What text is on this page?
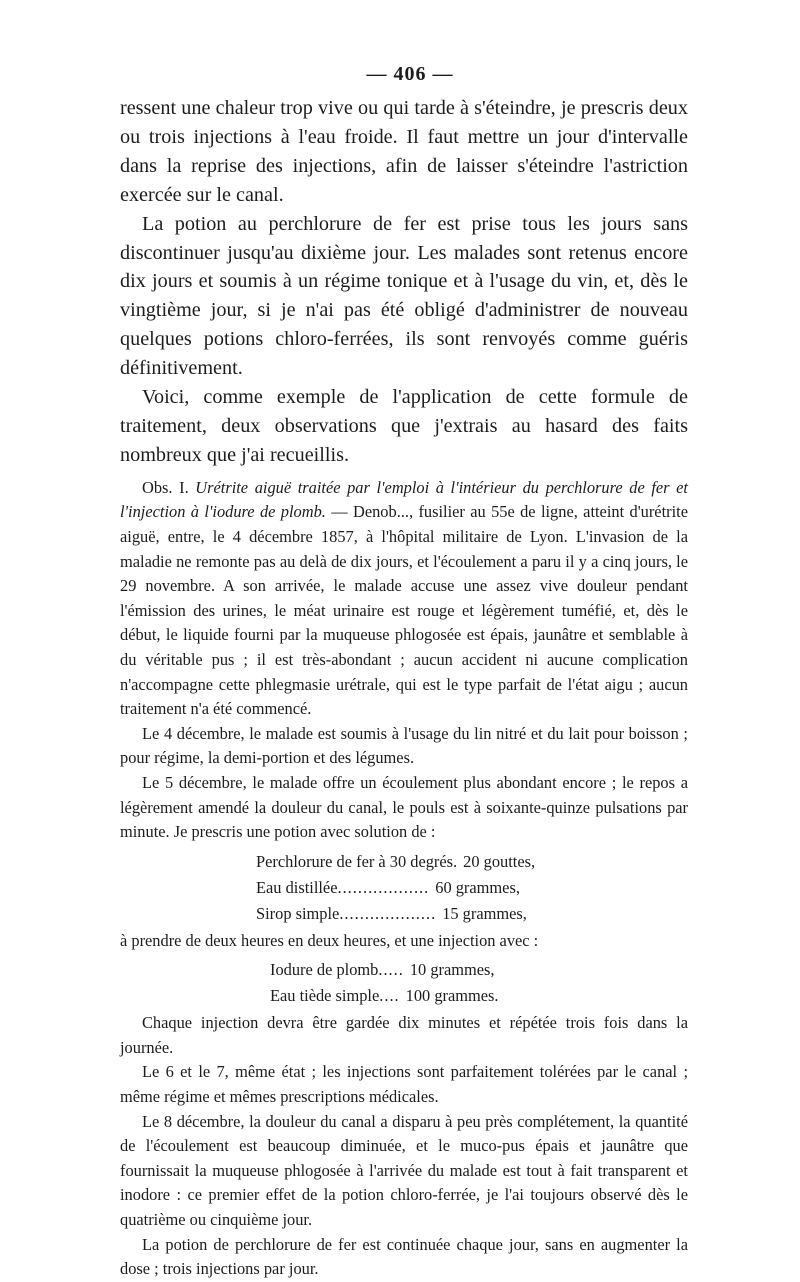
— 406 —

ressent une chaleur trop vive ou qui tarde à s'éteindre, je prescris deux ou trois injections à l'eau froide. Il faut mettre un jour d'intervalle dans la reprise des injections, afin de laisser s'éteindre l'astriction exercée sur le canal.

La potion au perchlorure de fer est prise tous les jours sans discontinuer jusqu'au dixième jour. Les malades sont retenus encore dix jours et soumis à un régime tonique et à l'usage du vin, et, dès le vingtième jour, si je n'ai pas été obligé d'administrer de nouveau quelques potions chloro-ferrées, ils sont renvoyés comme guéris définitivement.

Voici, comme exemple de l'application de cette formule de traitement, deux observations que j'extrais au hasard des faits nombreux que j'ai recueillis.

Obs. I. Urétrite aiguë traitée par l'emploi à l'intérieur du perchlorure de fer et l'injection à l'iodure de plomb. — Denob..., fusilier au 55e de ligne, atteint d'urétrite aiguë, entre, le 4 décembre 1857, à l'hôpital militaire de Lyon. L'invasion de la maladie ne remonte pas au delà de dix jours, et l'écoulement a paru il y a cinq jours, le 29 novembre. A son arrivée, le malade accuse une assez vive douleur pendant l'émission des urines, le méat urinaire est rouge et légèrement tuméfié, et, dès le début, le liquide fourni par la muqueuse phlogosée est épais, jaunâtre et semblable à du véritable pus ; il est très-abondant ; aucun accident ni aucune complication n'accompagne cette phlegmasie urétrale, qui est le type parfait de l'état aigu ; aucun traitement n'a été commencé.

Le 4 décembre, le malade est soumis à l'usage du lin nitré et du lait pour boisson ; pour régime, la demi-portion et des légumes.

Le 5 décembre, le malade offre un écoulement plus abondant encore ; le repos a légèrement amendé la douleur du canal, le pouls est à soixante-quinze pulsations par minute. Je prescris une potion avec solution de :

Perchlorure de fer à 30 degrés. 20 gouttes,
Eau distillée .................. 60 grammes,
Sirop simple ................... 15 grammes,

à prendre de deux heures en deux heures, et une injection avec :

Iodure de plomb ..... 10 grammes,
Eau tiède simple .... 100 grammes.

Chaque injection devra être gardée dix minutes et répétée trois fois dans la journée.

Le 6 et le 7, même état ; les injections sont parfaitement tolérées par le canal ; même régime et mêmes prescriptions médicales.

Le 8 décembre, la douleur du canal a disparu à peu près complétement, la quantité de l'écoulement est beaucoup diminuée, et le muco-pus épais et jaunâtre que fournissait la muqueuse phlogosée à l'arrivée du malade est tout à fait transparent et inodore : ce premier effet de la potion chloro-ferrée, je l'ai toujours observé dès le quatrième ou cinquième jour.

La potion de perchlorure de fer est continuée chaque jour, sans en augmenter la dose ; trois injections par jour.
